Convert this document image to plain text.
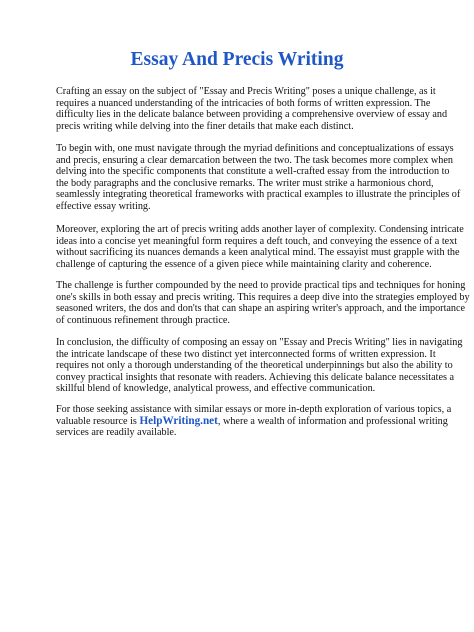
Essay And Precis Writing

Crafting an essay on the subject of "Essay and Precis Writing" poses a unique challenge, as it
requires a nuanced understanding of the intricacies of both forms of written expression. The
difficulty lies in the delicate balance between providing a comprehensive overview of essay and
precis writing while delving into the finer details that make each distinct.

To begin with, one must navigate through the myriad definitions and conceptualizations of essays
and precis, ensuring a clear demarcation between the two. The task becomes more complex when
delving into the specific components that constitute a well-crafted essay from the introduction to
the body paragraphs and the conclusive remarks. The writer must strike a harmonious chord,
seamlessly integrating theoretical frameworks with practical examples to illustrate the principles of
effective essay writing.

Moreover, exploring the art of precis writing adds another layer of complexity. Condensing intricate
ideas into a concise yet meaningful form requires a deft touch, and conveying the essence of a text
without sacrificing its nuances demands a keen analytical mind. The essayist must grapple with the
challenge of capturing the essence of a given piece while maintaining clarity and coherence.

The challenge is further compounded by the need to provide practical tips and techniques for honing
one's skills in both essay and precis writing. This requires a deep dive into the strategies employed by
seasoned writers, the dos and don'ts that can shape an aspiring writer's approach, and the importance
of continuous refinement through practice.

In conclusion, the difficulty of composing an essay on "Essay and Precis Writing" lies in navigating
the intricate landscape of these two distinct yet interconnected forms of written expression. It
requires not only a thorough understanding of the theoretical underpinnings but also the ability to
convey practical insights that resonate with readers. Achieving this delicate balance necessitates a
skillful blend of knowledge, analytical prowess, and effective communication.

For those seeking assistance with similar essays or more in-depth exploration of various topics, a
valuable resource is HelpWriting.net, where a wealth of information and professional writing
services are readily available.
